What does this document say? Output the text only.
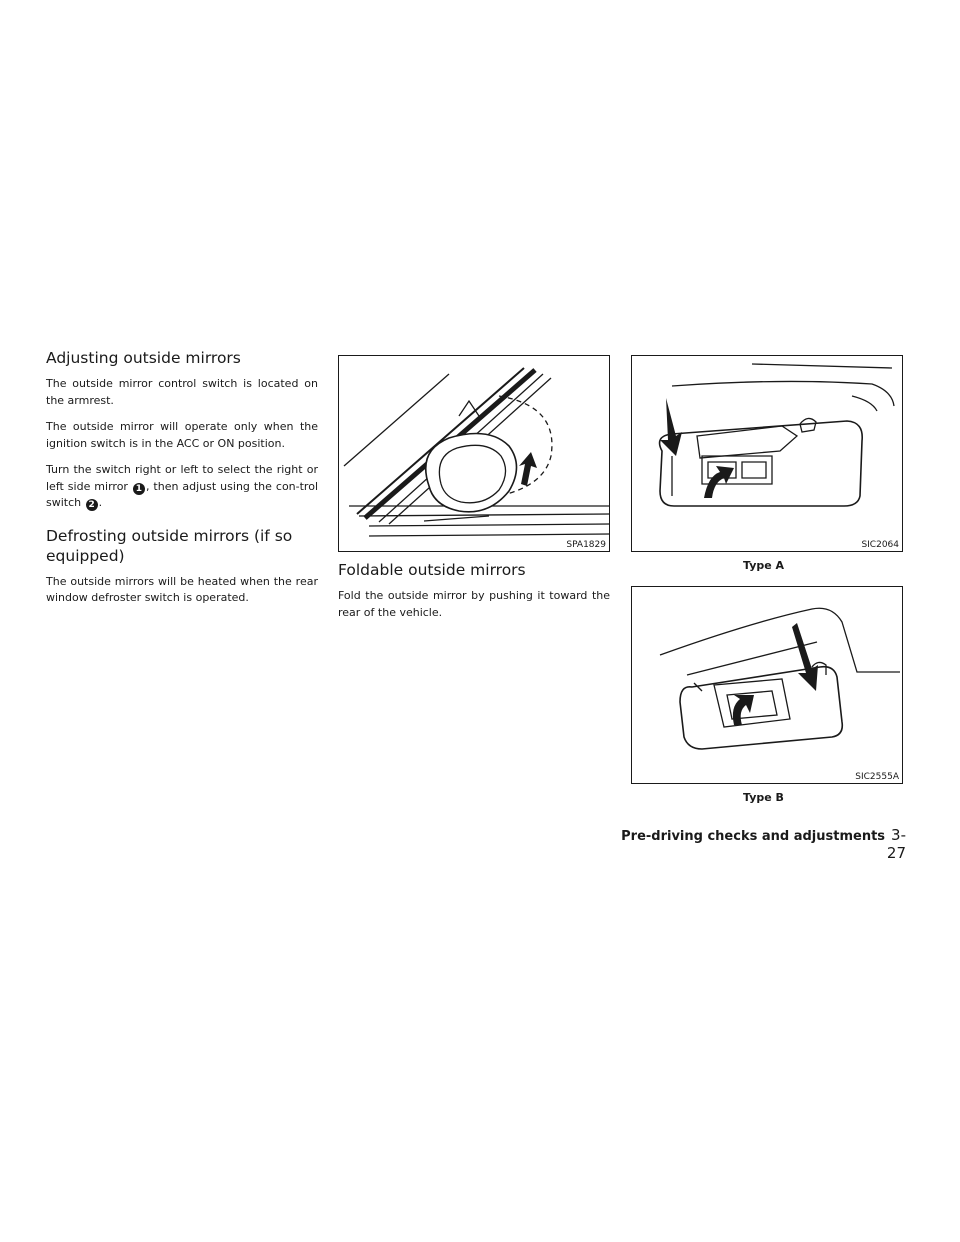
Adjusting outside mirrors

The outside mirror control switch is located on the armrest.

The outside mirror will operate only when the ignition switch is in the ACC or ON position.

Turn the switch right or left to select the right or left side mirror 1 , then adjust using the con-trol switch 2 .

Defrosting outside mirrors (if so equipped)

The outside mirrors will be heated when the rear window defroster switch is operated.

SPA1829
Foldable outside mirrors

Fold the outside mirror by pushing it toward the rear of the vehicle.

SIC2064
Type A
SIC2555A
Type B
Pre-driving checks and adjustments 3-27
